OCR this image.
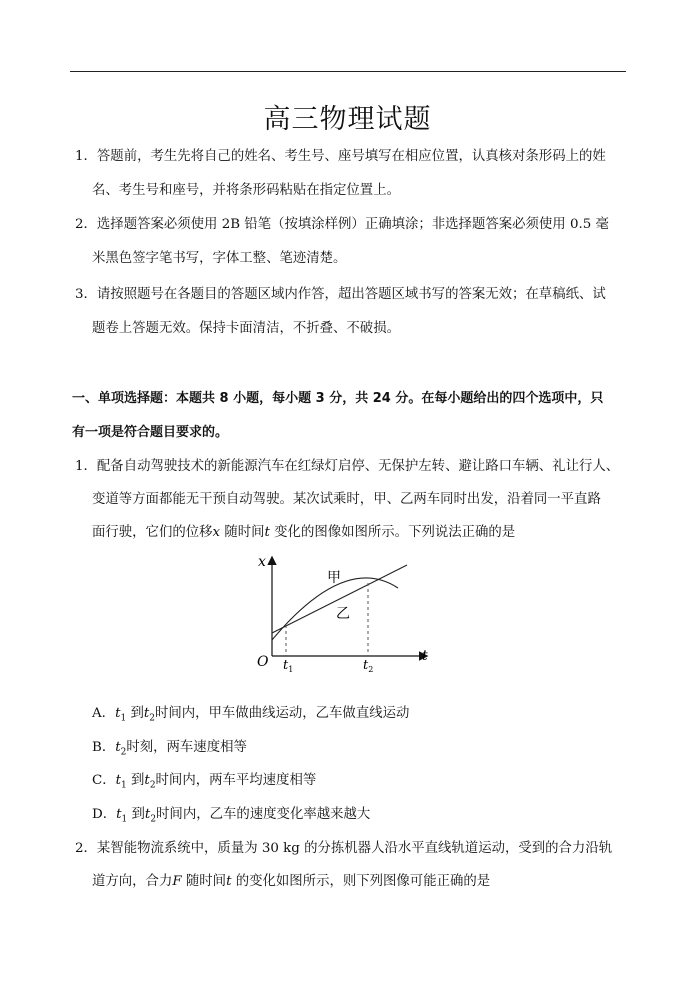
高三物理试题
1．答题前，考生先将自己的姓名、考生号、座号填写在相应位置，认真核对条形码上的姓
名、考生号和座号，并将条形码粘贴在指定位置上。
2．选择题答案必须使用 2B 铅笔（按填涂样例）正确填涂；非选择题答案必须使用 0.5 毫
米黑色签字笔书写，字体工整、笔迹清楚。
3．请按照题号在各题目的答题区域内作答，超出答题区域书写的答案无效；在草稿纸、试
题卷上答题无效。保持卡面清洁，不折叠、不破损。
一、单项选择题：本题共 8 小题，每小题 3 分，共 24 分。在每小题给出的四个选项中，只
有一项是符合题目要求的。
1．配备自动驾驶技术的新能源汽车在红绿灯启停、无保护左转、避让路口车辆、礼让行人、
变道等方面都能无干预自动驾驶。某次试乘时，甲、乙两车同时出发，沿着同一平直路
面行驶，它们的位移x 随时间t 变化的图像如图所示。下列说法正确的是
x
t
O
甲
乙
$t_1$	$t_2$
A．$t_1$ 到$t_2$时间内，甲车做曲线运动，乙车做直线运动
B．$t_2$时刻，两车速度相等
C．$t_1$ 到$t_2$时间内，两车平均速度相等
D．$t_1$ 到$t_2$时间内，乙车的速度变化率越来越大
2．某智能物流系统中，质量为 30 kg 的分拣机器人沿水平直线轨道运动，受到的合力沿轨
道方向，合力F 随时间t 的变化如图所示，则下列图像可能正确的是
